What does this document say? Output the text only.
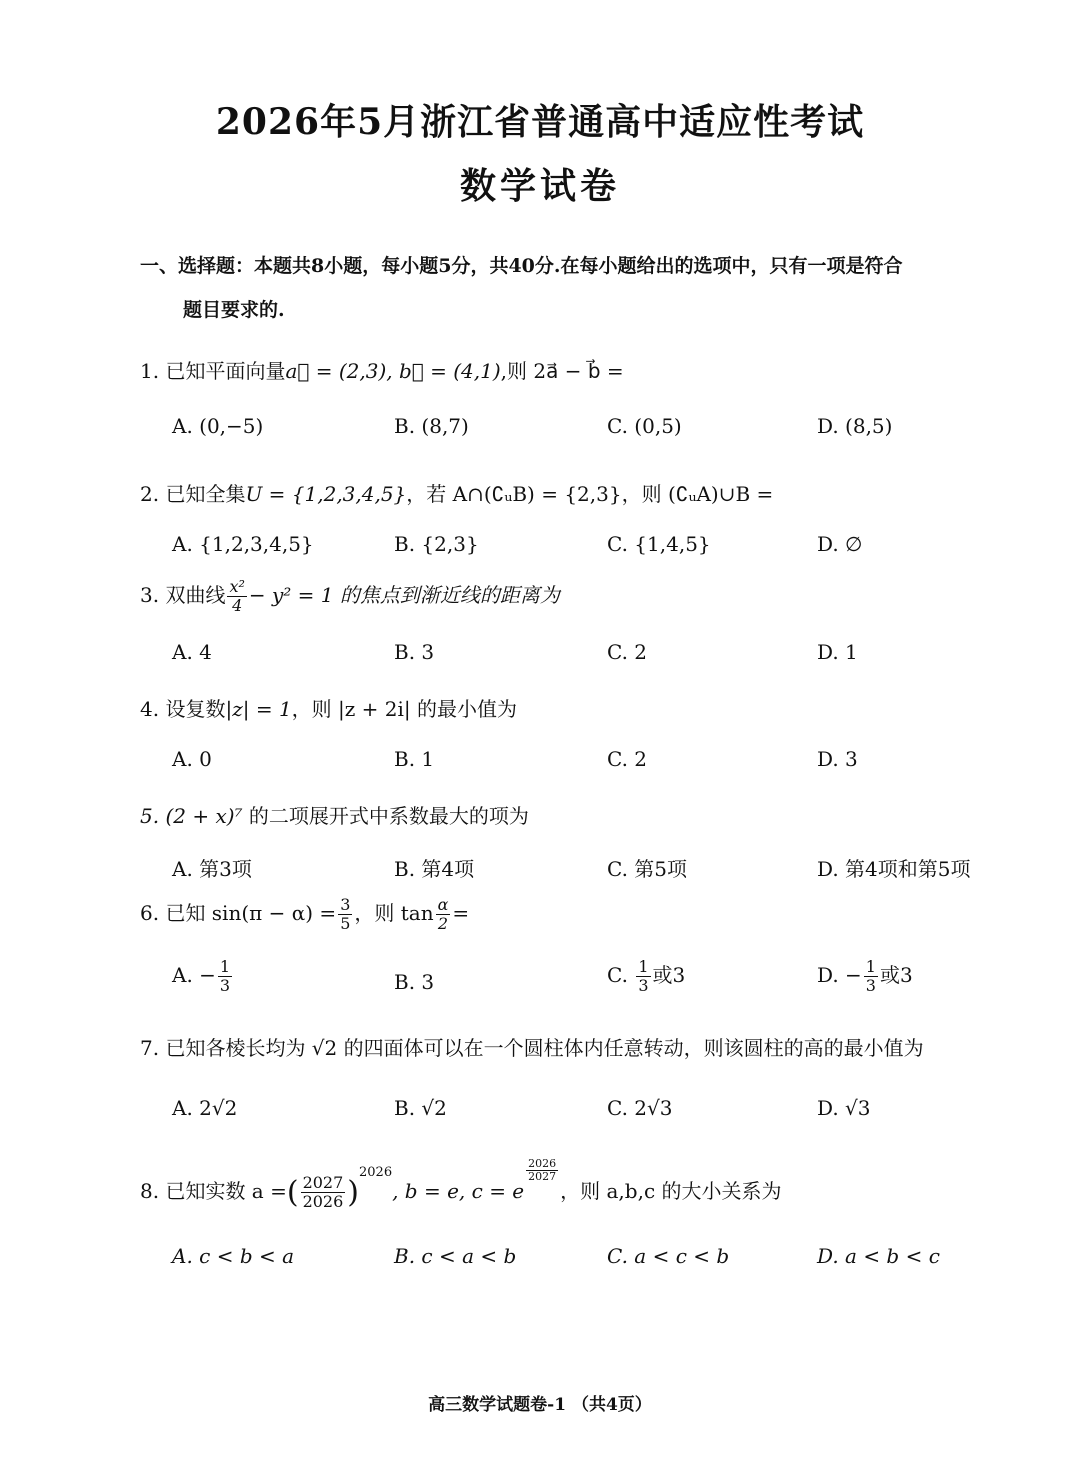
2026年5月浙江省普通高中适应性考试
数学试卷
一、选择题：本题共8小题，每小题5分，共40分.在每小题给出的选项中，只有一项是符合
题目要求的.
1. 已知平面向量a⃗ = (2,3), b⃗ = (4,1),则 2a⃗ − b⃗ =
A. (0,−5)	B. (8,7)	C. (0,5)	D. (8,5)
2. 已知全集U = {1,2,3,4,5}，若 A∩(∁ᵤB) = {2,3}，则 (∁ᵤA)∪B =
A. {1,2,3,4,5}	B. {2,3}	C. {1,4,5}	D. ∅
3. 双曲线 $\frac{\text{x²}}{4} - y^2 = 1$ 的焦点到渐近线的距离为
A. 4	B. 3	C. 2	D. 1
4. 设复数|z| = 1，则 |z + 2i| 的最小值为
A. 0	B. 1	C. 2	D. 3
5. (2 + x)⁷ 的二项展开式中系数最大的项为
A. 第3项	B. 第4项	C. 第5项	D. 第4项和第5项
6. 已知 $\sin(\pi - \alpha) = \frac{3}{5}$ ，则 $\tan \frac{\alpha}{2}$ =
A. − $\frac{1}{3}$	B. 3	C. $\frac{1}{3}$ 或3	D. − $\frac{1}{3}$ 或3
7. 已知各棱长均为 √2 的四面体可以在一个圆柱体内任意转动，则该圆柱的高的最小值为
A. 2√2	B. √2	C. 2√3	D. √3
8. 已知实数 a =( $\frac{2027}{2026} )^{2026}$, b = e, c = e
$\frac{2026}{2027}$
，则 a,b,c 的大小关系为
A. c < b < a	B. c < a < b	C. a < c < b	D. a < b < c
高三数学试题卷-1 （共4页）
